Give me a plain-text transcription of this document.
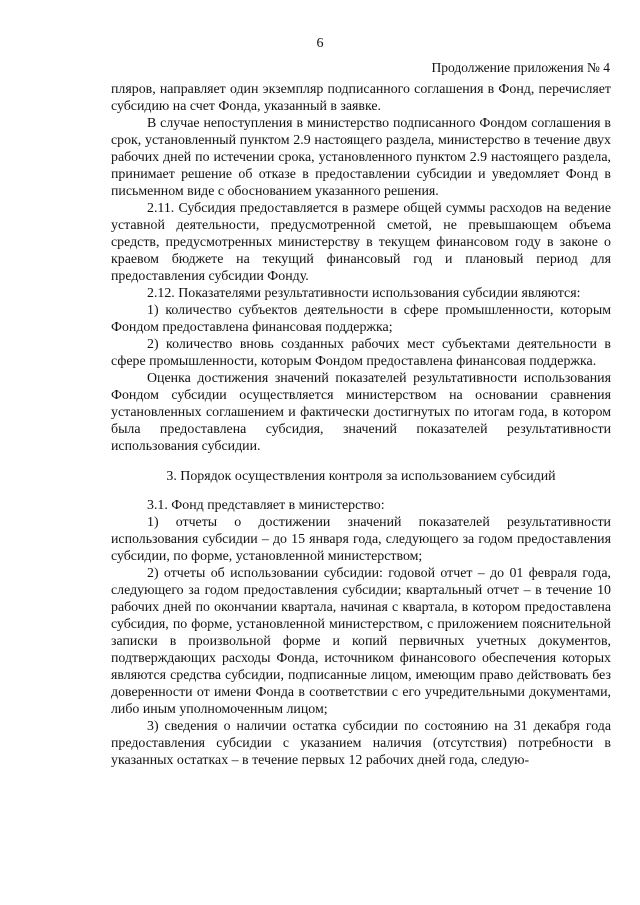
6
Продолжение приложения № 4

пляров, направляет один экземпляр подписанного соглашения в Фонд, перечисляет субсидию на счет Фонда, указанный в заявке.

В случае непоступления в министерство подписанного Фондом соглашения в срок, установленный пунктом 2.9 настоящего раздела, министерство в течение двух рабочих дней по истечении срока, установленного пунктом 2.9 настоящего раздела, принимает решение об отказе в предоставлении субсидии и уведомляет Фонд в письменном виде с обоснованием указанного решения.

2.11. Субсидия предоставляется в размере общей суммы расходов на ведение уставной деятельности, предусмотренной сметой, не превышающем объема средств, предусмотренных министерству в текущем финансовом году в законе о краевом бюджете на текущий финансовый год и плановый период для предоставления субсидии Фонду.

2.12. Показателями результативности использования субсидии являются:

1) количество субъектов деятельности в сфере промышленности, которым Фондом предоставлена финансовая поддержка;

2) количество вновь созданных рабочих мест субъектами деятельности в сфере промышленности, которым Фондом предоставлена финансовая поддержка.

Оценка достижения значений показателей результативности использования Фондом субсидии осуществляется министерством на основании сравнения установленных соглашением и фактически достигнутых по итогам года, в котором была предоставлена субсидия, значений показателей результативности использования субсидии.

3. Порядок осуществления контроля за использованием субсидий

3.1. Фонд представляет в министерство:

1) отчеты о достижении значений показателей результативности использования субсидии – до 15 января года, следующего за годом предоставления субсидии, по форме, установленной министерством;

2) отчеты об использовании субсидии: годовой отчет – до 01 февраля года, следующего за годом предоставления субсидии; квартальный отчет – в течение 10 рабочих дней по окончании квартала, начиная с квартала, в котором предоставлена субсидия, по форме, установленной министерством, с приложением пояснительной записки в произвольной форме и копий первичных учетных документов, подтверждающих расходы Фонда, источником финансового обеспечения которых являются средства субсидии, подписанные лицом, имеющим право действовать без доверенности от имени Фонда в соответствии с его учредительными документами, либо иным уполномоченным лицом;

3) сведения о наличии остатка субсидии по состоянию на 31 декабря года предоставления субсидии с указанием наличия (отсутствия) потребности в указанных остатках – в течение первых 12 рабочих дней года, следую-
